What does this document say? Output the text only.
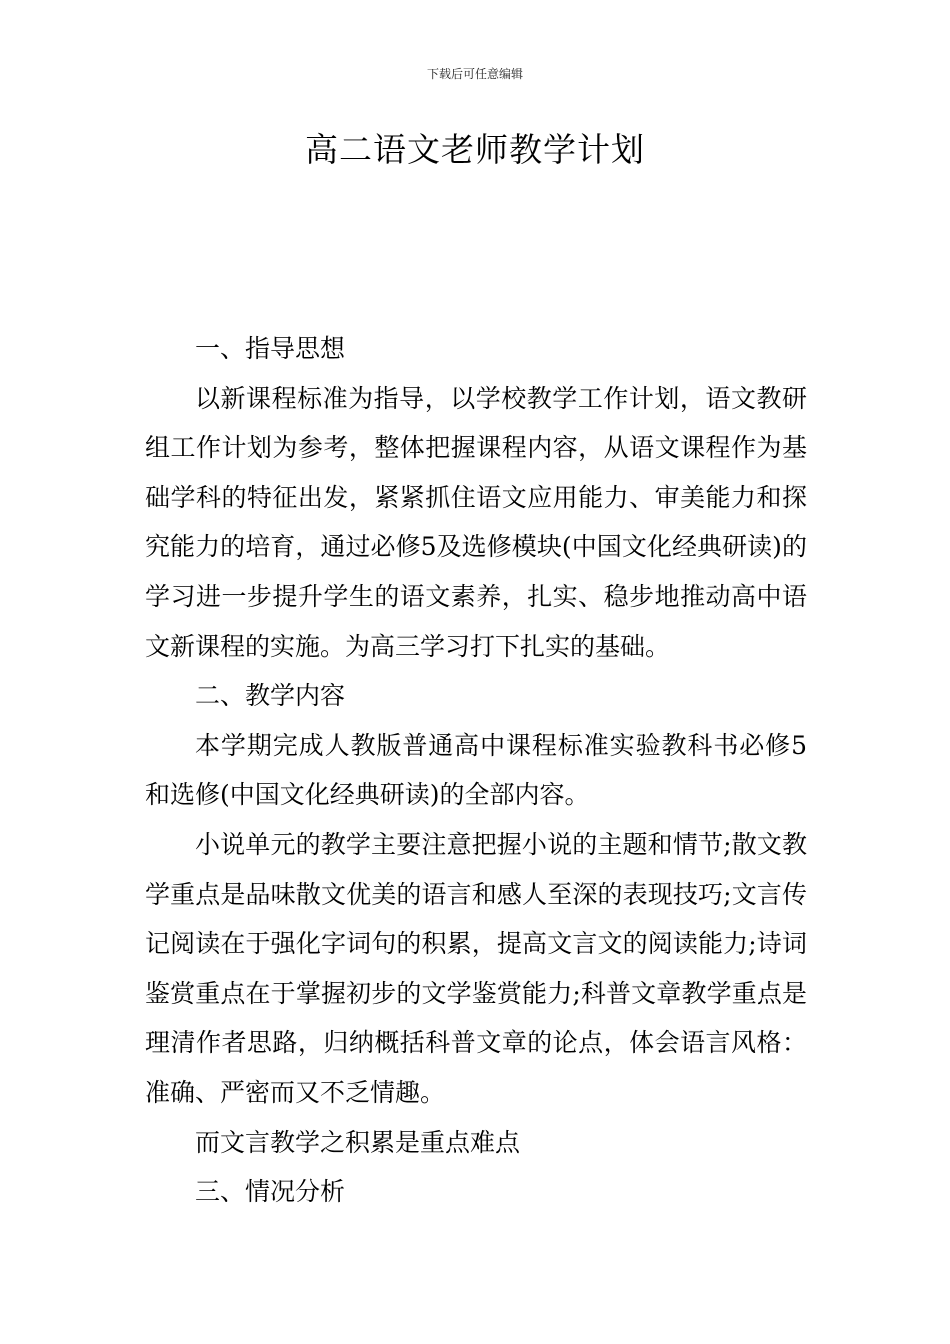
下载后可任意编辑
高二语文老师教学计划

一、指导思想

以新课程标准为指导，以学校教学工作计划，语文教研组工作计划为参考，整体把握课程内容，从语文课程作为基础学科的特征出发，紧紧抓住语文应用能力、审美能力和探究能力的培育，通过必修5及选修模块(中国文化经典研读)的学习进一步提升学生的语文素养，扎实、稳步地推动高中语文新课程的实施。为高三学习打下扎实的基础。

二、教学内容

本学期完成人教版普通高中课程标准实验教科书必修5和选修(中国文化经典研读)的全部内容。

小说单元的教学主要注意把握小说的主题和情节;散文教学重点是品味散文优美的语言和感人至深的表现技巧;文言传记阅读在于强化字词句的积累，提高文言文的阅读能力;诗词鉴赏重点在于掌握初步的文学鉴赏能力;科普文章教学重点是理清作者思路，归纳概括科普文章的论点，体会语言风格：准确、严密而又不乏情趣。

而文言教学之积累是重点难点

三、情况分析
